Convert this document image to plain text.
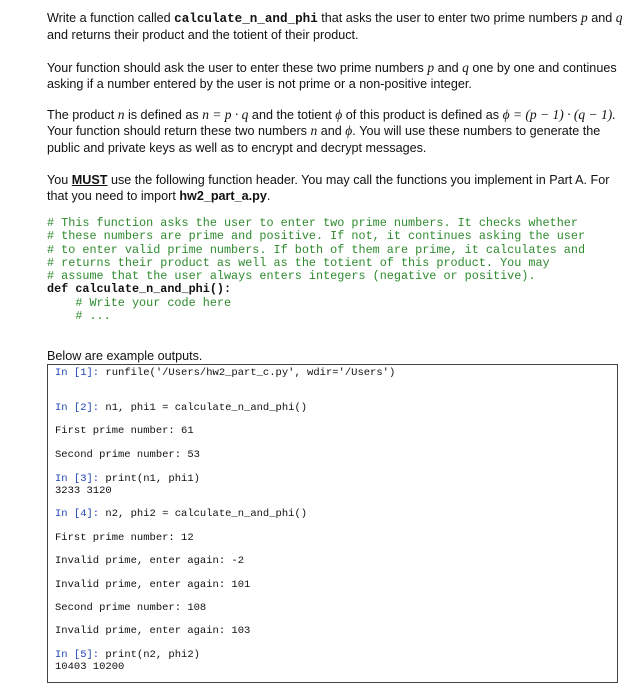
Write a function called calculate_n_and_phi that asks the user to enter two prime numbers p and q and returns their product and the totient of their product.

Your function should ask the user to enter these two prime numbers p and q one by one and continues asking if a number entered by the user is not prime or a non-positive integer.

The product n is defined as n = p · q and the totient ϕ of this product is defined as ϕ = (p − 1) · (q − 1). Your function should return these two numbers n and ϕ. You will use these numbers to generate the public and private keys as well as to encrypt and decrypt messages.

You MUST use the following function header. You may call the functions you implement in Part A. For that you need to import hw2_part_a.py.

# This function asks the user to enter two prime numbers. It checks whether
# these numbers are prime and positive. If not, it continues asking the user
# to enter valid prime numbers. If both of them are prime, it calculates and
# returns their product as well as the totient of this product. You may
# assume that the user always enters integers (negative or positive).
def calculate_n_and_phi():
# Write your code here
# ...
Below are example outputs.
In [1]: runfile('/Users/hw2_part_c.py', wdir='/Users')
In [2]: n1, phi1 = calculate_n_and_phi()
First prime number: 61
Second prime number: 53
In [3]: print(n1, phi1)
3233 3120
In [4]: n2, phi2 = calculate_n_and_phi()
First prime number: 12
Invalid prime, enter again: -2
Invalid prime, enter again: 101
Second prime number: 108
Invalid prime, enter again: 103
In [5]: print(n2, phi2)
10403 10200
